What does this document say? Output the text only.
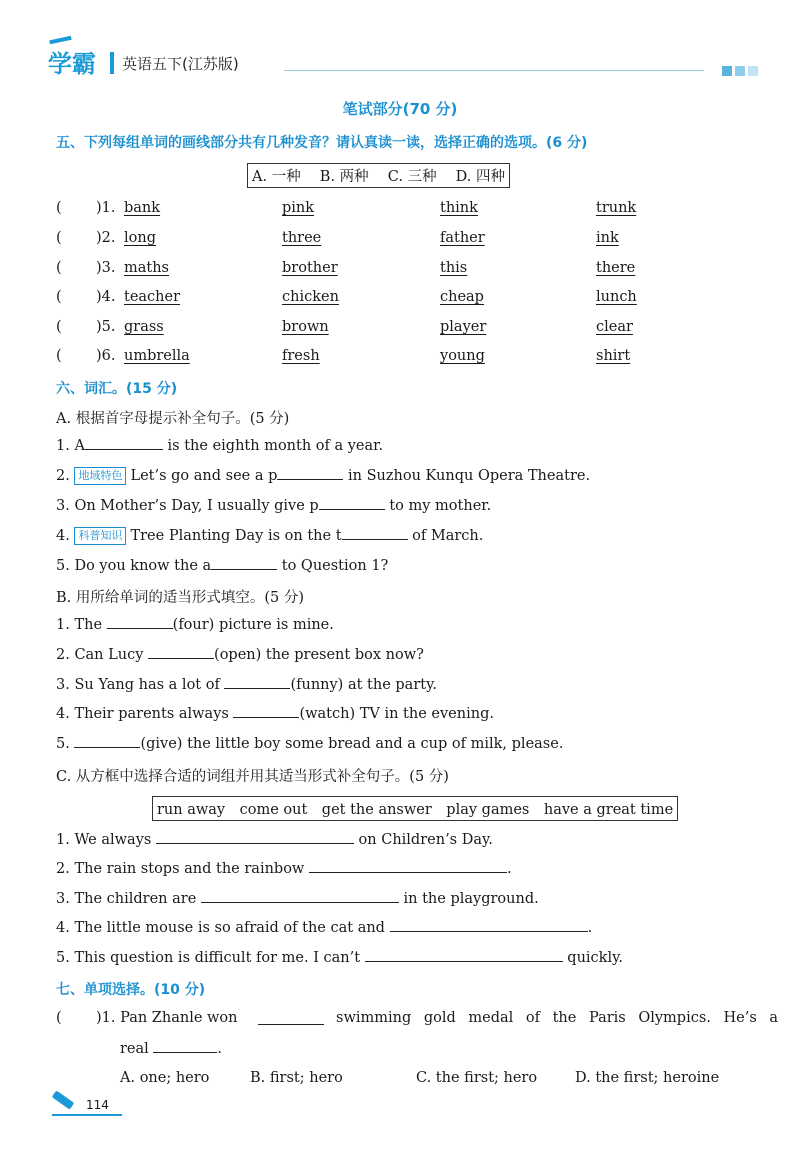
学霸 英语五下(江苏版)
笔试部分(70 分)
五、下列每组单词的画线部分共有几种发音？请认真读一读，选择正确的选项。(6 分)
A. 一种　 B. 两种　 C. 三种　 D. 四种
( )1. bank	pink	think	trunk
( )2. long	three	father	ink
( )3. maths	brother	this	there
( )4. teacher	chicken	cheap	lunch
( )5. grass	brown	player	clear
( )6. umbrella	fresh	young	shirt
六、词汇。(15 分)
A. 根据首字母提示补全句子。(5 分)
1. A	is the eighth month of a year.
2. 地域特色 Let’s go and see a p	in Suzhou Kunqu Opera Theatre.
3. On Mother’s Day, I usually give p	to my mother.
4. 科普知识 Tree Planting Day is on the t	of March.
5. Do you know the a	to Question 1?
B. 用所给单词的适当形式填空。(5 分)
1. The	(four) picture is mine.
2. Can Lucy	(open) the present box now?
3. Su Yang has a lot of	(funny) at the party.
4. Their parents always	(watch) TV in the evening.
5.	(give) the little boy some bread and a cup of milk, please.
C. 从方框中选择合适的词组并用其适当形式补全句子。(5 分)
run away　come out　get the answer　play games　have a great time
1. We always	on Children’s Day.
2. The rain stops and the rainbow	.
3. The children are	in the playground.
4. The little mouse is so afraid of the cat and	.
5. This question is difficult for me. I can’t	quickly.
七、单项选择。(10 分)
( )1. Pan Zhanle won	swimming gold medal of the Paris Olympics. He’s a
real	.
A. one; hero	B. first; hero	C. the first; hero	D. the first; heroine
114
